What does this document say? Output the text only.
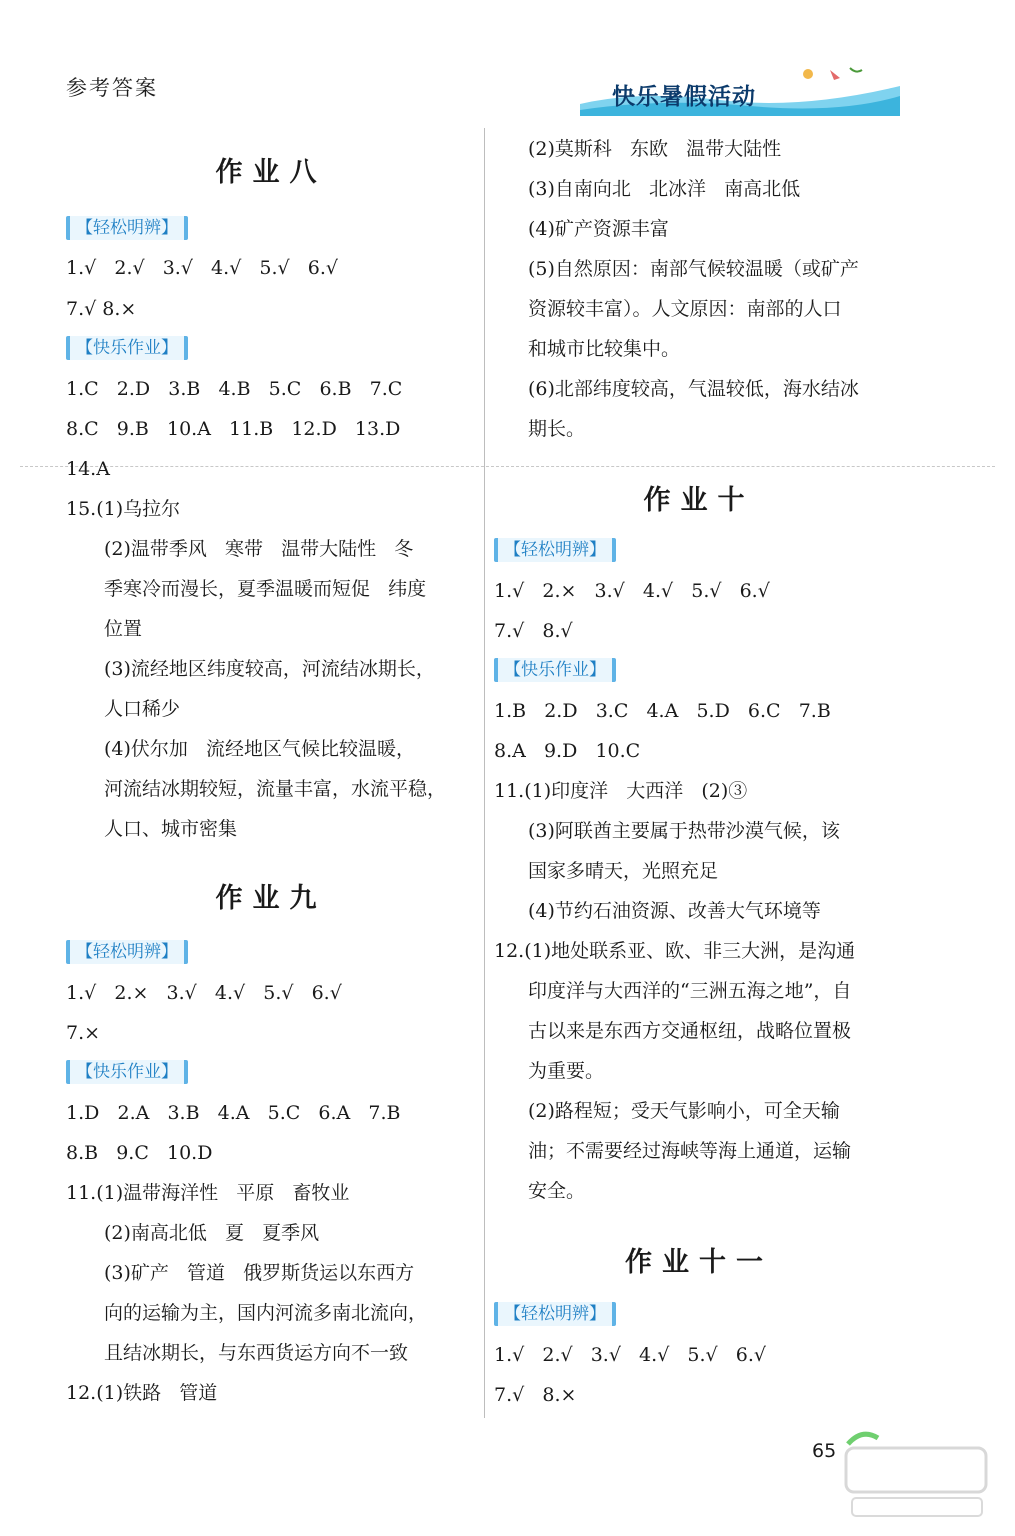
参考答案	快乐暑假活动
作业八
【轻松明辨】
1.√   2.√   3.√   4.√   5.√   6.√
7.√ 8.×
【快乐作业】
1.C   2.D   3.B   4.B   5.C   6.B   7.C
8.C   9.B   10.A   11.B   12.D   13.D
14.A
15.(1)乌拉尔
(2)温带季风   寒带   温带大陆性   冬
季寒冷而漫长，夏季温暖而短促   纬度
位置
(3)流经地区纬度较高，河流结冰期长，
人口稀少
(4)伏尔加   流经地区气候比较温暖，
河流结冰期较短，流量丰富，水流平稳，
人口、城市密集
作业九
【轻松明辨】
1.√   2.×   3.√   4.√   5.√   6.√
7.×
【快乐作业】
1.D   2.A   3.B   4.A   5.C   6.A   7.B
8.B   9.C   10.D
11.(1)温带海洋性   平原   畜牧业
(2)南高北低   夏   夏季风
(3)矿产   管道   俄罗斯货运以东西方
向的运输为主，国内河流多南北流向，
且结冰期长，与东西货运方向不一致
12.(1)铁路   管道
(2)莫斯科   东欧   温带大陆性
(3)自南向北   北冰洋   南高北低
(4)矿产资源丰富
(5)自然原因：南部气候较温暖（或矿产
资源较丰富）。人文原因：南部的人口
和城市比较集中。
(6)北部纬度较高，气温较低，海水结冰
期长。
作业十
【轻松明辨】
1.√   2.×   3.√   4.√   5.√   6.√
7.√   8.√
【快乐作业】
1.B   2.D   3.C   4.A   5.D   6.C   7.B
8.A   9.D   10.C
11.(1)印度洋   大西洋   (2)③
(3)阿联酋主要属于热带沙漠气候，该
国家多晴天，光照充足
(4)节约石油资源、改善大气环境等
12.(1)地处联系亚、欧、非三大洲，是沟通
印度洋与大西洋的“三洲五海之地”，自
古以来是东西方交通枢纽，战略位置极
为重要。
(2)路程短；受天气影响小，可全天输
油；不需要经过海峡等海上通道，运输
安全。
作业十一
【轻松明辨】
1.√   2.√   3.√   4.√   5.√   6.√
7.√   8.×
65
